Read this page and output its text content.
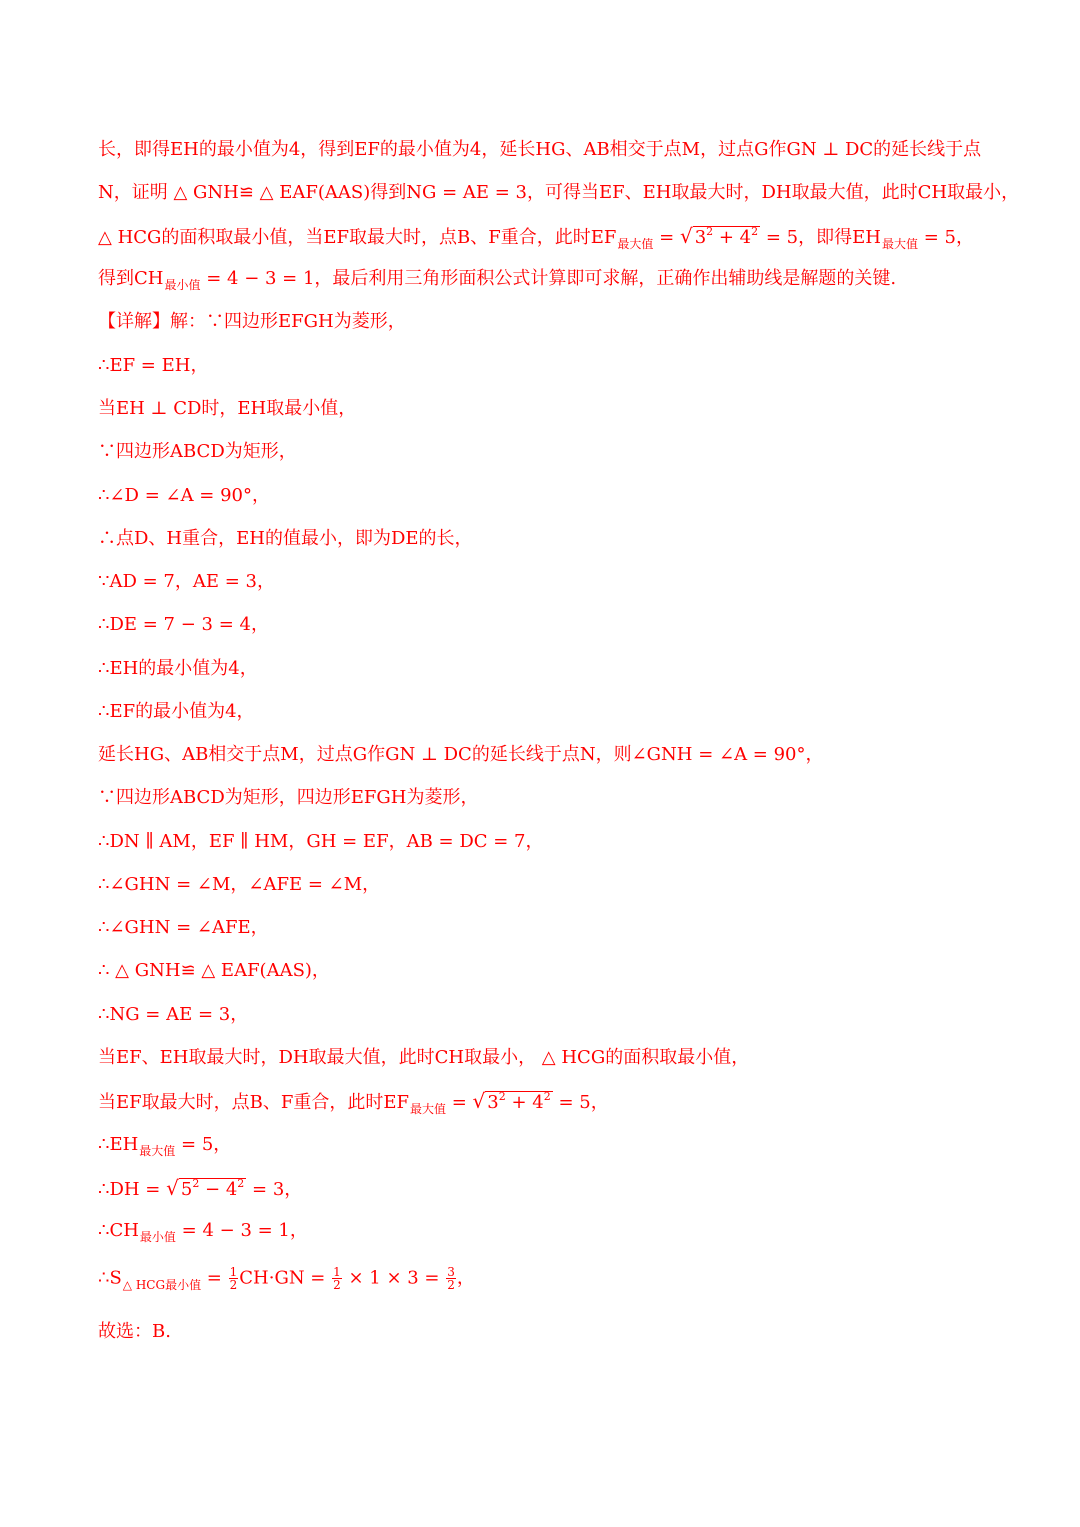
长，即得EH的最小值为4，得到EF的最小值为4，延长HG、AB相交于点M，过点G作GN ⊥ DC的延长线于点
N，证明 △ GNH≌ △ EAF(AAS)得到NG = AE = 3，可得当EF、EH取最大时，DH取最大值，此时CH取最小，
△ HCG的面积取最小值，当EF取最大时，点B、F重合，此时$EF_{最大值}$ = √ $3^2 + 4^2 = 5$，即得$EH_{最大值} = 5$，
得到$CH_{最小值} = 4 - 3 = 1$，最后利用三角形面积公式计算即可求解，正确作出辅助线是解题的关键.
【详解】解：∵四边形EFGH为菱形，
∴EF = EH，
当EH ⊥ CD时，EH取最小值，
∵四边形ABCD为矩形，
∴∠D = ∠A = 90°，
∴点D、H重合，EH的值最小，即为DE的长，
∵AD = 7，AE = 3，
∴DE = 7 − 3 = 4，
∴EH的最小值为4，
∴EF的最小值为4，
延长HG、AB相交于点M，过点G作GN ⊥ DC的延长线于点N，则∠GNH = ∠A = 90°，
∵四边形ABCD为矩形，四边形EFGH为菱形，
∴DN ∥ AM，EF ∥ HM，GH = EF，AB = DC = 7，
∴∠GHN = ∠M，∠AFE = ∠M，
∴∠GHN = ∠AFE，
∴ △ GNH≌ △ EAF(AAS)，
∴NG = AE = 3，
当EF、EH取最大时，DH取最大值，此时CH取最小， △ HCG的面积取最小值，
当EF取最大时，点B、F重合，此时$EF_{最大值}$ = √ $3^2 + 4^2 = 5$，
$\therefore EH_{最大值} = 5$，
∴DH = √ $5^2 - 4^2 = 3$，
$\therefore CH_{最小值} = 4 - 3 = 1$，
$\therefore S_{\triangle HCG最小值} = \frac{1}{2} CH\cdot GN = \frac{1}{2} \times 1 \times 3 = \frac{3}{2}$ ，
故选：B.
